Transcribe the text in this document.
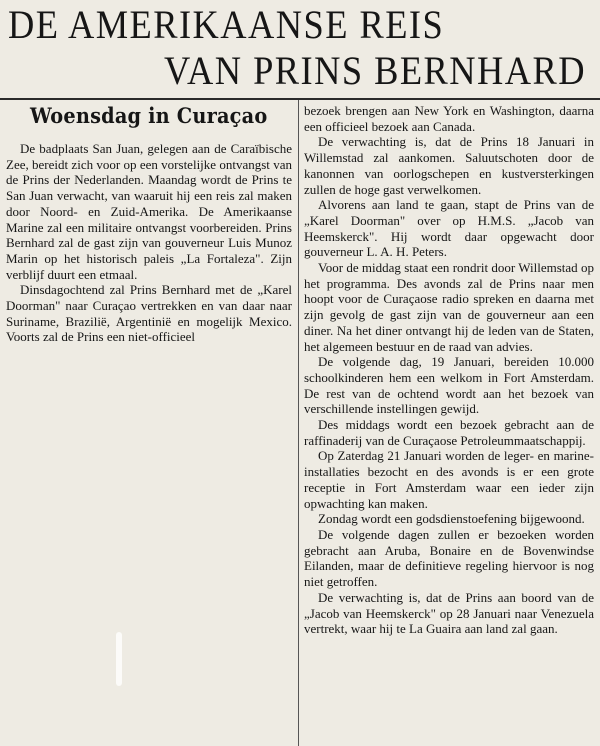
DE AMERIKAANSE REIS
VAN PRINS BERNHARD
Woensdag in Curaçao

De badplaats San Juan, gelegen aan de Caraïbische Zee, bereidt zich voor op een vorstelijke ontvangst van de Prins der Nederlanden. Maandag wordt de Prins te San Juan verwacht, van waaruit hij een reis zal maken door Noord- en Zuid-Amerika. De Amerikaanse Marine zal een militaire ontvangst voorbereiden. Prins Bernhard zal de gast zijn van gouverneur Luis Munoz Marin op het historisch paleis „La Fortaleza". Zijn verblijf duurt een etmaal.

Dinsdagochtend zal Prins Bernhard met de „Karel Doorman" naar Curaçao vertrekken en van daar naar Suriname, Brazilië, Argentinië en mogelijk Mexico. Voorts zal de Prins een niet-officieel

bezoek brengen aan New York en Washington, daarna een officieel bezoek aan Canada.

De verwachting is, dat de Prins 18 Januari in Willemstad zal aankomen. Saluutschoten door de kanonnen van oorlogschepen en kustversterkingen zullen de hoge gast verwelkomen.

Alvorens aan land te gaan, stapt de Prins van de „Karel Doorman" over op H.M.S. „Jacob van Heemskerck". Hij wordt daar opgewacht door gouverneur L. A. H. Peters.

Voor de middag staat een rondrit door Willemstad op het programma. Des avonds zal de Prins naar men hoopt voor de Curaçaose radio spreken en daarna met zijn gevolg de gast zijn van de gouverneur aan een diner. Na het diner ontvangt hij de leden van de Staten, het algemeen bestuur en de raad van advies.

De volgende dag, 19 Januari, bereiden 10.000 schoolkinderen hem een welkom in Fort Amsterdam. De rest van de ochtend wordt aan het bezoek van verschillende instellingen gewijd.

Des middags wordt een bezoek gebracht aan de raffinaderij van de Curaçaose Petroleummaatschappij.

Op Zaterdag 21 Januari worden de leger- en marine-installaties bezocht en des avonds is er een grote receptie in Fort Amsterdam waar een ieder zijn opwachting kan maken.

Zondag wordt een godsdienstoefening bijgewoond.

De volgende dagen zullen er bezoeken worden gebracht aan Aruba, Bonaire en de Bovenwindse Eilanden, maar de definitieve regeling hiervoor is nog niet getroffen.

De verwachting is, dat de Prins aan boord van de „Jacob van Heemskerck" op 28 Januari naar Venezuela vertrekt, waar hij te La Guaira aan land zal gaan.
